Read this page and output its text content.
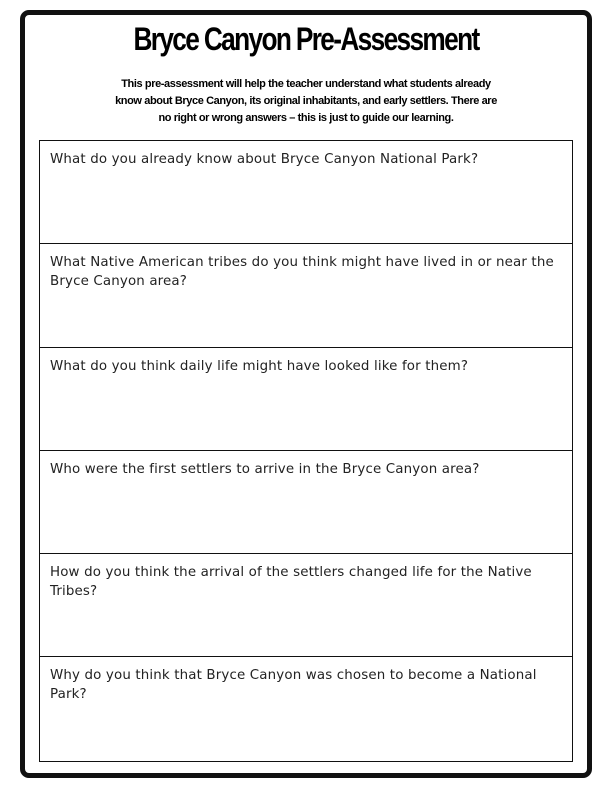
Bryce Canyon Pre-Assessment

This pre-assessment will help the teacher understand what students already know about Bryce Canyon, its original inhabitants, and early settlers. There are no right or wrong answers – this is just to guide our learning.

What do you already know about Bryce Canyon National Park?
What Native American tribes do you think might have lived in or near the Bryce Canyon area?
What do you think daily life might have looked like for them?
Who were the first settlers to arrive in the Bryce Canyon area?
How do you think the arrival of the settlers changed life for the Native Tribes?
Why do you think that Bryce Canyon was chosen to become a National Park?
